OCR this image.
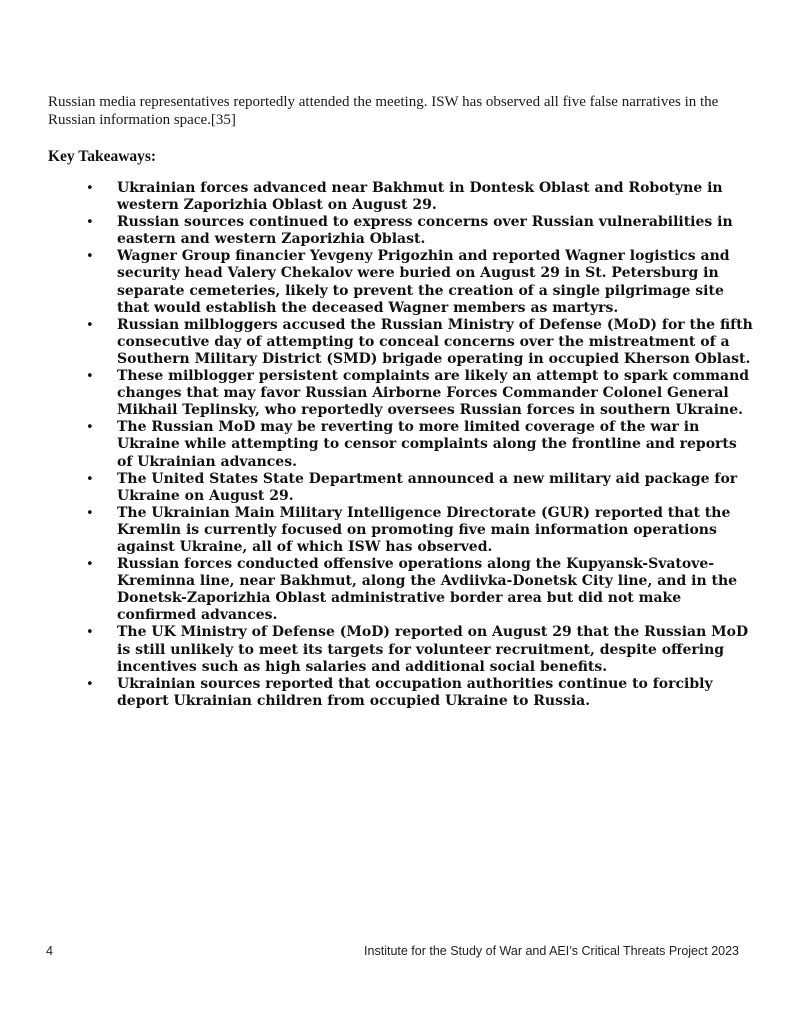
Russian media representatives reportedly attended the meeting. ISW has observed all five false narratives in the Russian information space.[35]

Key Takeaways:
• Ukrainian forces advanced near Bakhmut in Dontesk Oblast and Robotyne in western Zaporizhia Oblast on August 29.
• Russian sources continued to express concerns over Russian vulnerabilities in eastern and western Zaporizhia Oblast.
• Wagner Group financier Yevgeny Prigozhin and reported Wagner logistics and security head Valery Chekalov were buried on August 29 in St. Petersburg in separate cemeteries, likely to prevent the creation of a single pilgrimage site that would establish the deceased Wagner members as martyrs.
• Russian milbloggers accused the Russian Ministry of Defense (MoD) for the fifth consecutive day of attempting to conceal concerns over the mistreatment of a Southern Military District (SMD) brigade operating in occupied Kherson Oblast.
• These milblogger persistent complaints are likely an attempt to spark command changes that may favor Russian Airborne Forces Commander Colonel General Mikhail Teplinsky, who reportedly oversees Russian forces in southern Ukraine.
• The Russian MoD may be reverting to more limited coverage of the war in Ukraine while attempting to censor complaints along the frontline and reports of Ukrainian advances.
• The United States State Department announced a new military aid package for Ukraine on August 29.
• The Ukrainian Main Military Intelligence Directorate (GUR) reported that the Kremlin is currently focused on promoting five main information operations against Ukraine, all of which ISW has observed.
• Russian forces conducted offensive operations along the Kupyansk-Svatove-Kreminna line, near Bakhmut, along the Avdiivka-Donetsk City line, and in the Donetsk-Zaporizhia Oblast administrative border area but did not make confirmed advances.
• The UK Ministry of Defense (MoD) reported on August 29 that the Russian MoD is still unlikely to meet its targets for volunteer recruitment, despite offering incentives such as high salaries and additional social benefits.
• Ukrainian sources reported that occupation authorities continue to forcibly deport Ukrainian children from occupied Ukraine to Russia.
4	Institute for the Study of War and AEI’s Critical Threats Project 2023
